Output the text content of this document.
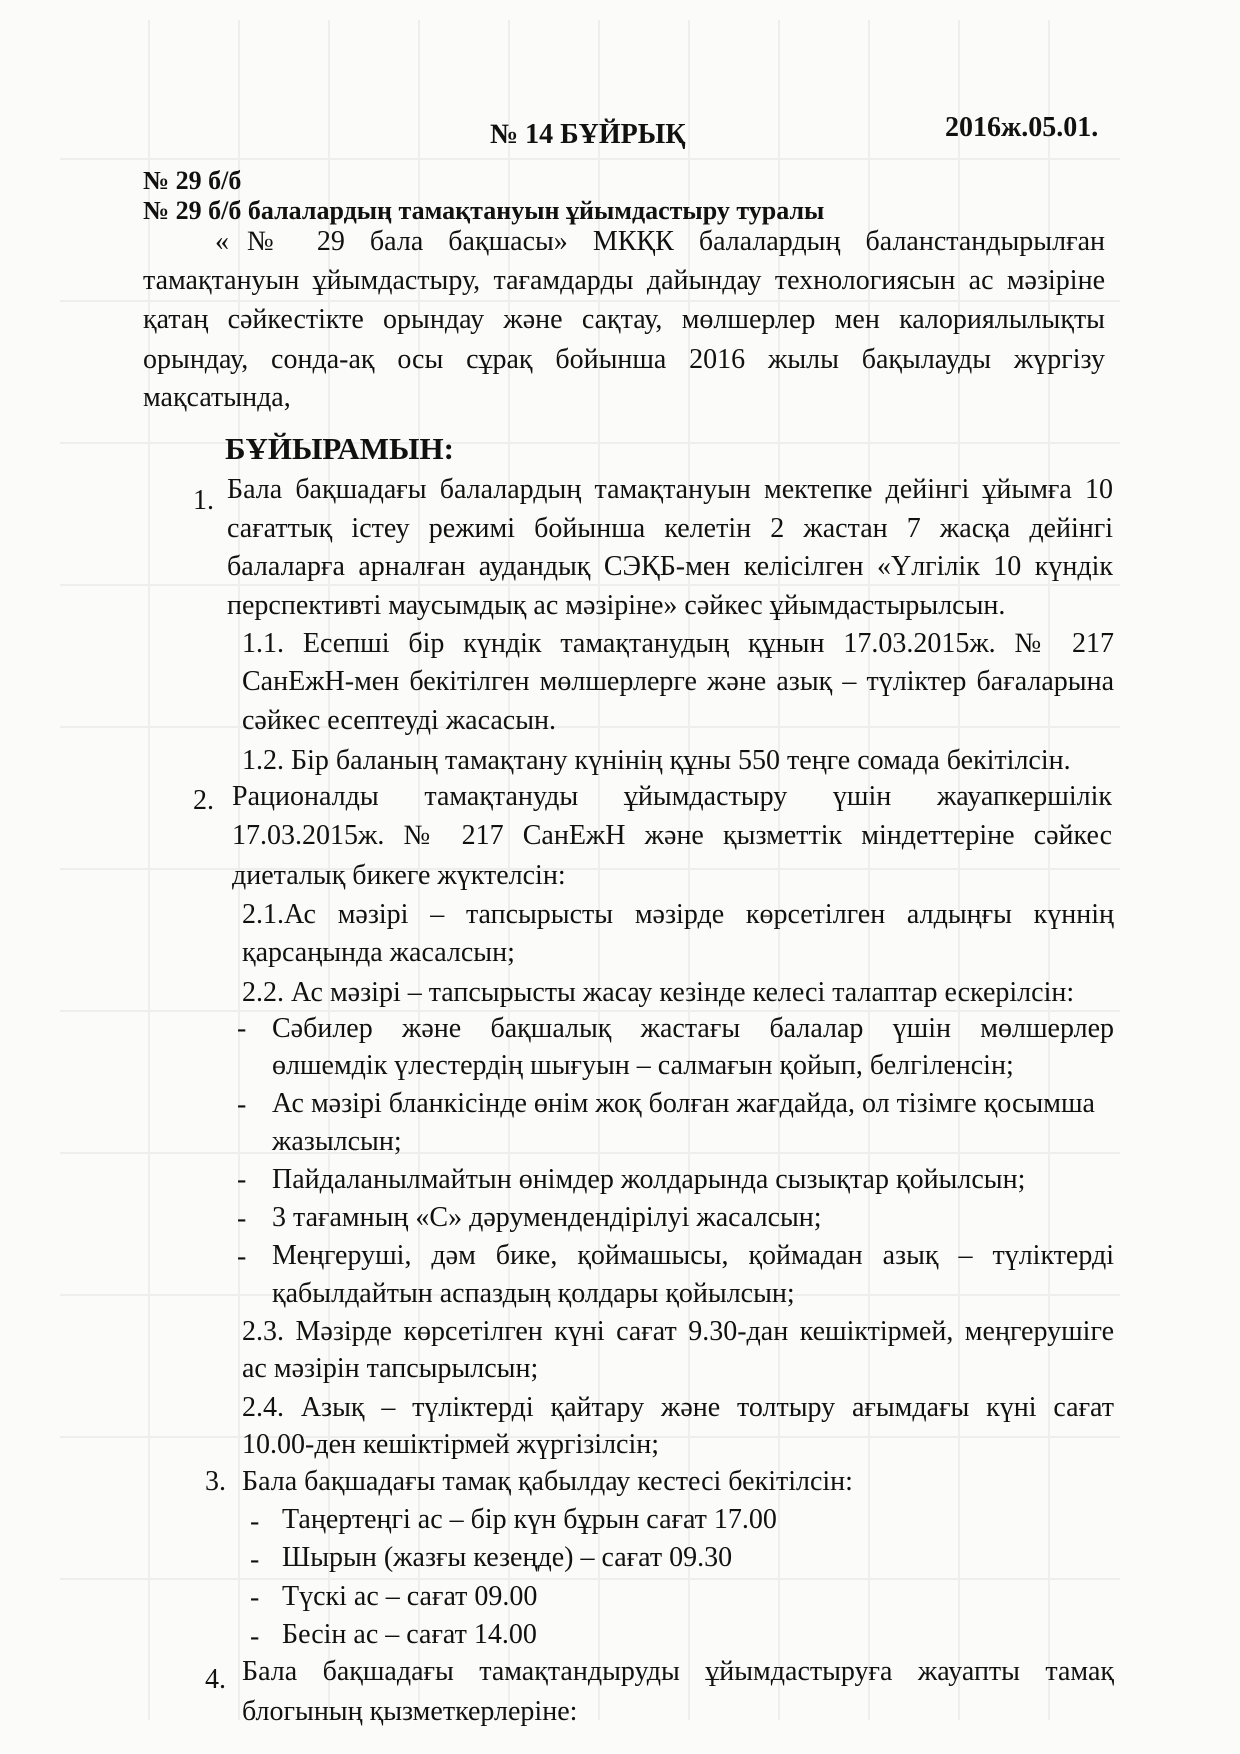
№ 14 БҰЙРЫҚ	2016ж.05.01.
№ 29 б/б
№ 29 б/б балалардың тамақтануын ұйымдастыру туралы
«№ 29 бала бақшасы» МКҚК балалардың баланстандырылған
тамақтануын ұйымдастыру, тағамдарды дайындау технологиясын ас мәзіріне
қатаң сәйкестікте орындау және сақтау, мөлшерлер мен калориялылықты
орындау, сонда-ақ осы сұрақ бойынша 2016 жылы бақылауды жүргізу
мақсатында,
БҰЙЫРАМЫН:
1. Бала бақшадағы балалардың тамақтануын мектепке дейінгі ұйымға 10
сағаттық істеу режимі бойынша келетін 2 жастан 7 жасқа дейінгі
балаларға арналған аудандық СЭҚБ-мен келісілген «Үлгілік 10 күндік
перспективті маусымдық ас мәзіріне» сәйкес ұйымдастырылсын.
1.1. Есепші бір күндік тамақтанудың құнын 17.03.2015ж. № 217
СанЕжН-мен бекітілген мөлшерлерге және азық – түліктер бағаларына
сәйкес есептеуді жасасын.
1.2. Бір баланың тамақтану күнінің құны 550 теңге сомада бекітілсін.
2. Рационалды тамақтануды ұйымдастыру үшін жауапкершілік
17.03.2015ж. № 217 СанЕжН және қызметтік міндеттеріне сәйкес
диеталық бикеге жүктелсін:
2.1.Ас мәзірі – тапсырысты мәзірде көрсетілген алдыңғы күннің
қарсаңында жасалсын;
2.2. Ас мәзірі – тапсырысты жасау кезінде келесі талаптар ескерілсін:
- Сәбилер және бақшалық жастағы балалар үшін мөлшерлер
өлшемдік үлестердің шығуын – салмағын қойып, белгіленсін;
- Ас мәзірі бланкісінде өнім жоқ болған жағдайда, ол тізімге қосымша
жазылсын;
- Пайдаланылмайтын өнімдер жолдарында сызықтар қойылсын;
- 3 тағамның «С» дәрумендендірілуі жасалсын;
- Меңгеруші, дәм бике, қоймашысы, қоймадан азық – түліктерді
қабылдайтын аспаздың қолдары қойылсын;
2.3. Мәзірде көрсетілген күні сағат 9.30-дан кешіктірмей, меңгерушіге
ас мәзірін тапсырылсын;
2.4. Азық – түліктерді қайтару және толтыру ағымдағы күні сағат
10.00-ден кешіктірмей жүргізілсін;
3. Бала бақшадағы тамақ қабылдау кестесі бекітілсін:
- Таңертеңгі ас – бір күн бұрын сағат 17.00
- Шырын (жазғы кезеңде) – сағат 09.30
- Түскі ас – сағат 09.00
- Бесін ас – сағат 14.00
4. Бала бақшадағы тамақтандыруды ұйымдастыруға жауапты тамақ
блогының қызметкерлеріне:
